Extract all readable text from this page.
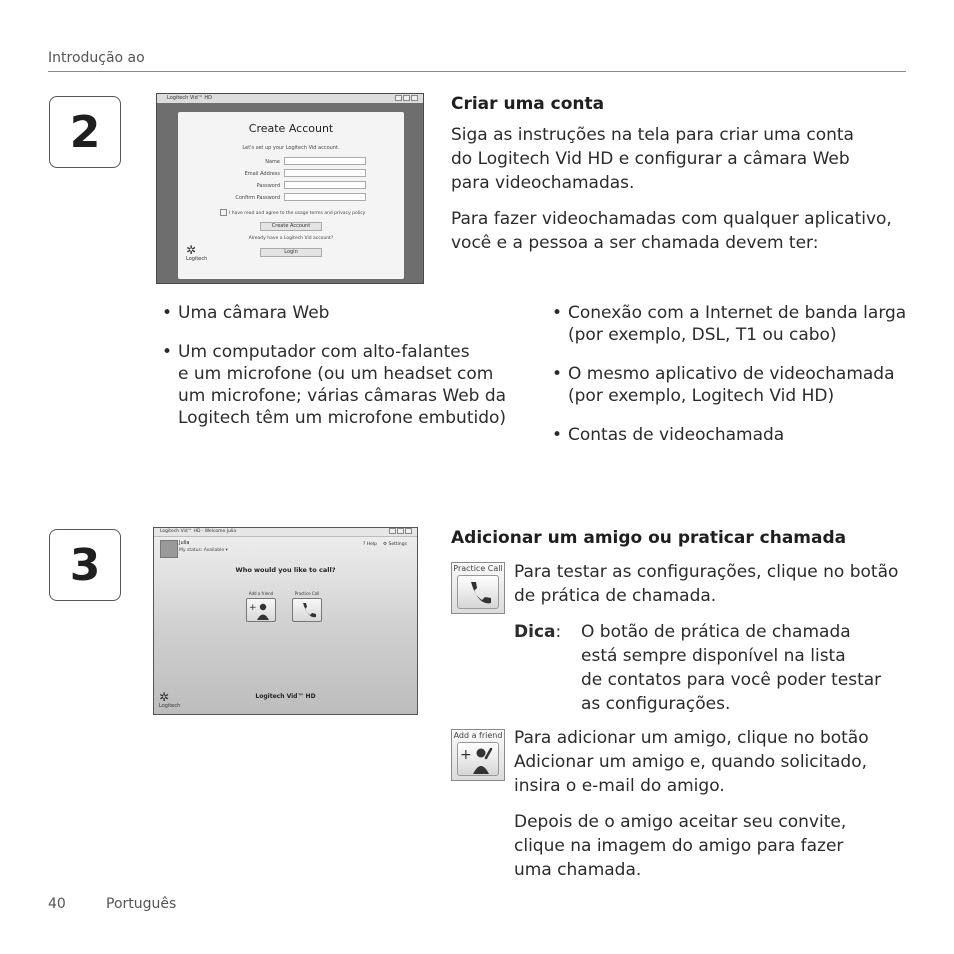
Introdução ao
2
Logitech Vid™ HD
Create Account
Let's set up your Logitech Vid account.
Name
Email Address
Password
Confirm Password
I have read and agree to the usage terms and privacy policy
Create Account
Already have a Logitech Vid account?
Login
✲
Logitech
Criar uma conta

Siga as instruções na tela para criar uma conta
do Logitech Vid HD e configurar a câmara Web
para videochamadas.

Para fazer videochamadas com qualquer aplicativo,
você e a pessoa a ser chamada devem ter:

• Uma câmara Web
• Um computador com alto-falantes
e um microfone (ou um headset com
um microfone; várias câmaras Web da
Logitech têm um microfone embutido)
• Conexão com a Internet de banda larga
(por exemplo, DSL, T1 ou cabo)
• O mesmo aplicativo de videochamada
(por exemplo, Logitech Vid HD)
• Contas de videochamada
3
Logitech Vid™ HD · Welcome Julia
Julia
My status: Available ▾
? Help ⚙ Settings
Who would you like to call?
Add a friend
+
Practice Call
✲
Logitech
Logitech Vid™ HD
Adicionar um amigo ou praticar chamada
Practice Call Para testar as configurações, clique no botão
de prática de chamada.

Dica: O botão de prática de chamada
está sempre disponível na lista
de contatos para você poder testar
as configurações.

Add a friend
+

Para adicionar um amigo, clique no botão
Adicionar um amigo e, quando solicitado,
insira o e-mail do amigo.

Depois de o amigo aceitar seu convite,
clique na imagem do amigo para fazer
uma chamada.

40	Português
